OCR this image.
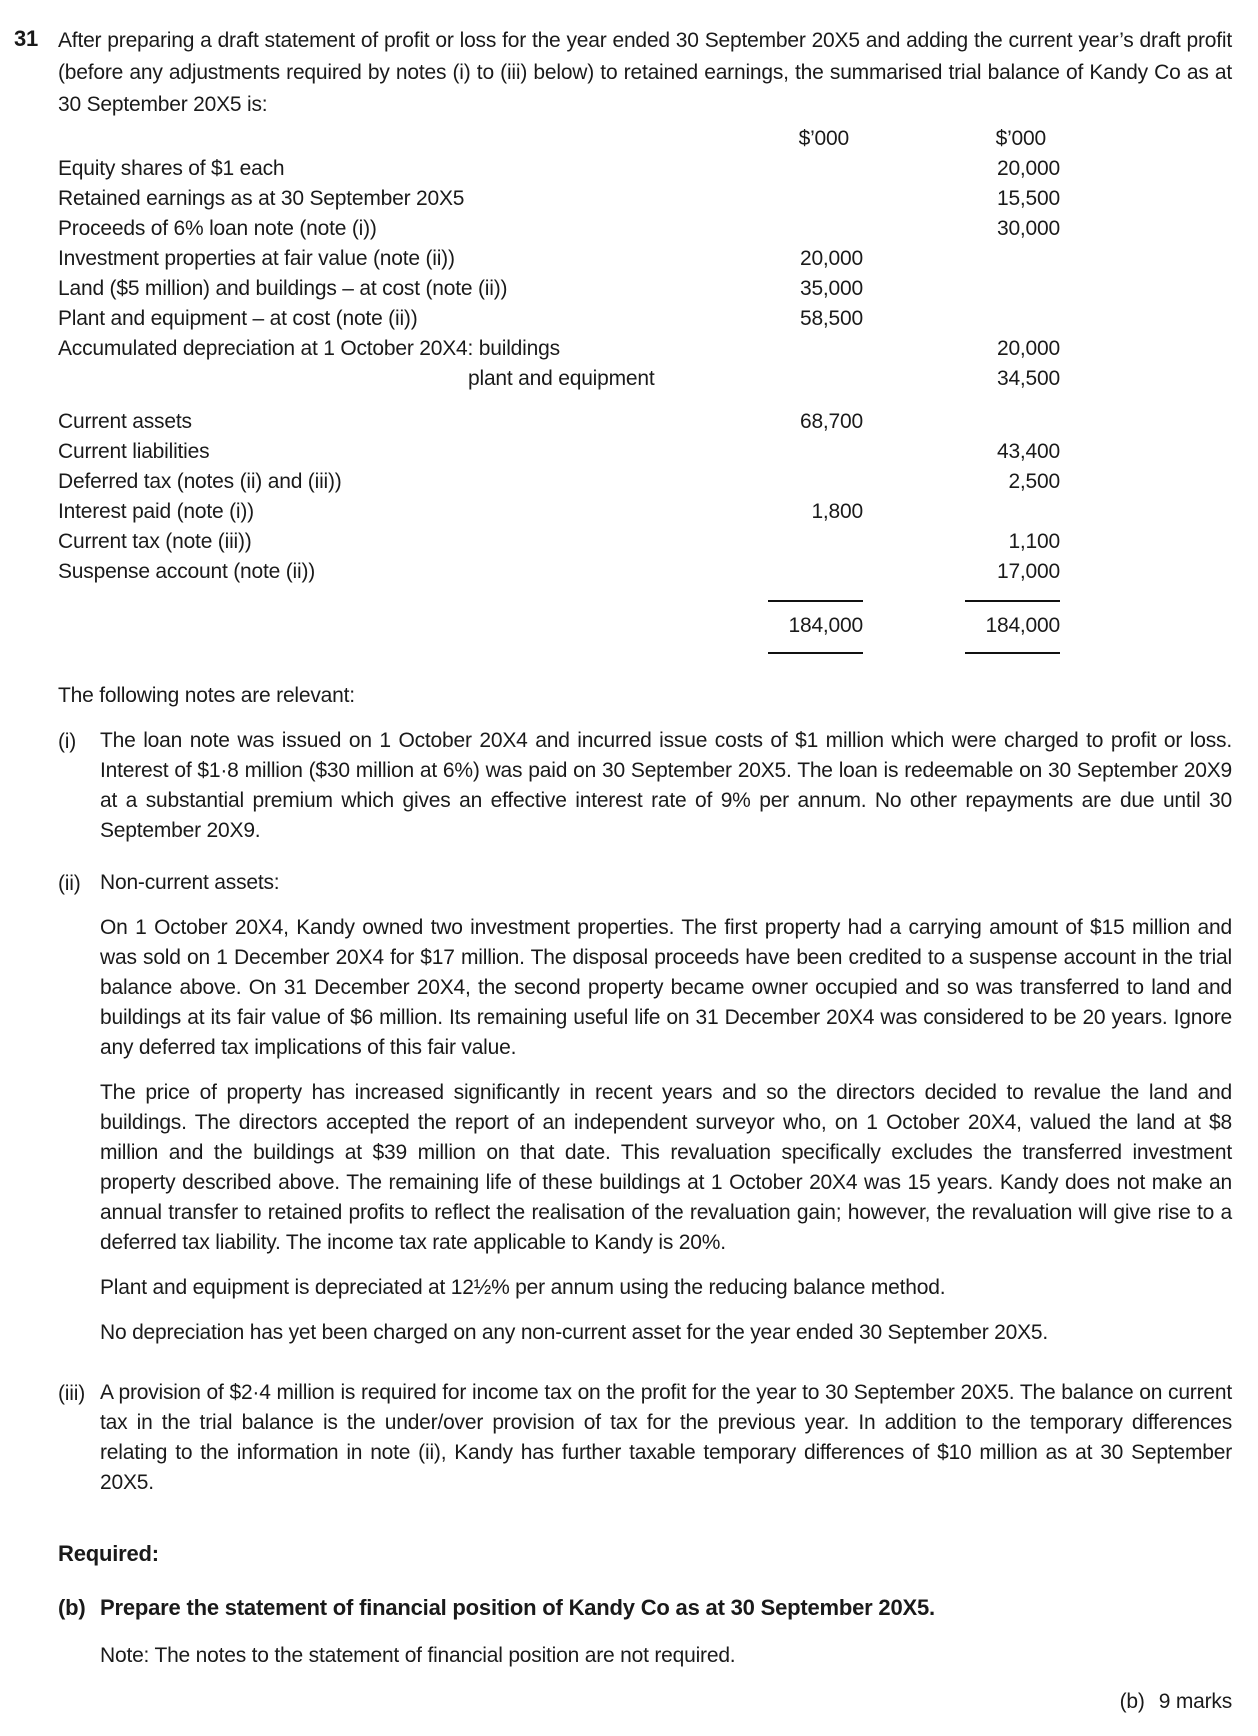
31 After preparing a draft statement of profit or loss for the year ended 30 September 20X5 and adding the current year’s draft profit (before any adjustments required by notes (i) to (iii) below) to retained earnings, the summarised trial balance of Kandy Co as at 30 September 20X5 is:

	$’000	$’000
Equity shares of $1 each		20,000
Retained earnings as at 30 September 20X5		15,500
Proceeds of 6% loan note (note (i))		30,000
Investment properties at fair value (note (ii))	20,000	
Land ($5 million) and buildings – at cost (note (ii))	35,000	
Plant and equipment – at cost (note (ii))	58,500	
Accumulated depreciation at 1 October 20X4: buildings		20,000
plant and equipment		34,500
Current assets	68,700	
Current liabilities		43,400
Deferred tax (notes (ii) and (iii))		2,500
Interest paid (note (i))	1,800	
Current tax (note (iii))		1,100
Suspense account (note (ii))		17,000

	184,000	184,000

The following notes are relevant:

(i) The loan note was issued on 1 October 20X4 and incurred issue costs of $1 million which were charged to profit or loss. Interest of $1·8 million ($30 million at 6%) was paid on 30 September 20X5. The loan is redeemable on 30 September 20X9 at a substantial premium which gives an effective interest rate of 9% per annum. No other repayments are due until 30 September 20X9.

(ii) Non-current assets:

On 1 October 20X4, Kandy owned two investment properties. The first property had a carrying amount of $15 million and was sold on 1 December 20X4 for $17 million. The disposal proceeds have been credited to a suspense account in the trial balance above. On 31 December 20X4, the second property became owner occupied and so was transferred to land and buildings at its fair value of $6 million. Its remaining useful life on 31 December 20X4 was considered to be 20 years. Ignore any deferred tax implications of this fair value.

The price of property has increased significantly in recent years and so the directors decided to revalue the land and buildings. The directors accepted the report of an independent surveyor who, on 1 October 20X4, valued the land at $8 million and the buildings at $39 million on that date. This revaluation specifically excludes the transferred investment property described above. The remaining life of these buildings at 1 October 20X4 was 15 years. Kandy does not make an annual transfer to retained profits to reflect the realisation of the revaluation gain; however, the revaluation will give rise to a deferred tax liability. The income tax rate applicable to Kandy is 20%.

Plant and equipment is depreciated at 12½% per annum using the reducing balance method.

No depreciation has yet been charged on any non-current asset for the year ended 30 September 20X5.

(iii) A provision of $2·4 million is required for income tax on the profit for the year to 30 September 20X5. The balance on current tax in the trial balance is the under/over provision of tax for the previous year. In addition to the temporary differences relating to the information in note (ii), Kandy has further taxable temporary differences of $10 million as at 30 September 20X5.

Required:
(b) Prepare the statement of financial position of Kandy Co as at 30 September 20X5.
Note: The notes to the statement of financial position are not required.
(b) 9 marks
